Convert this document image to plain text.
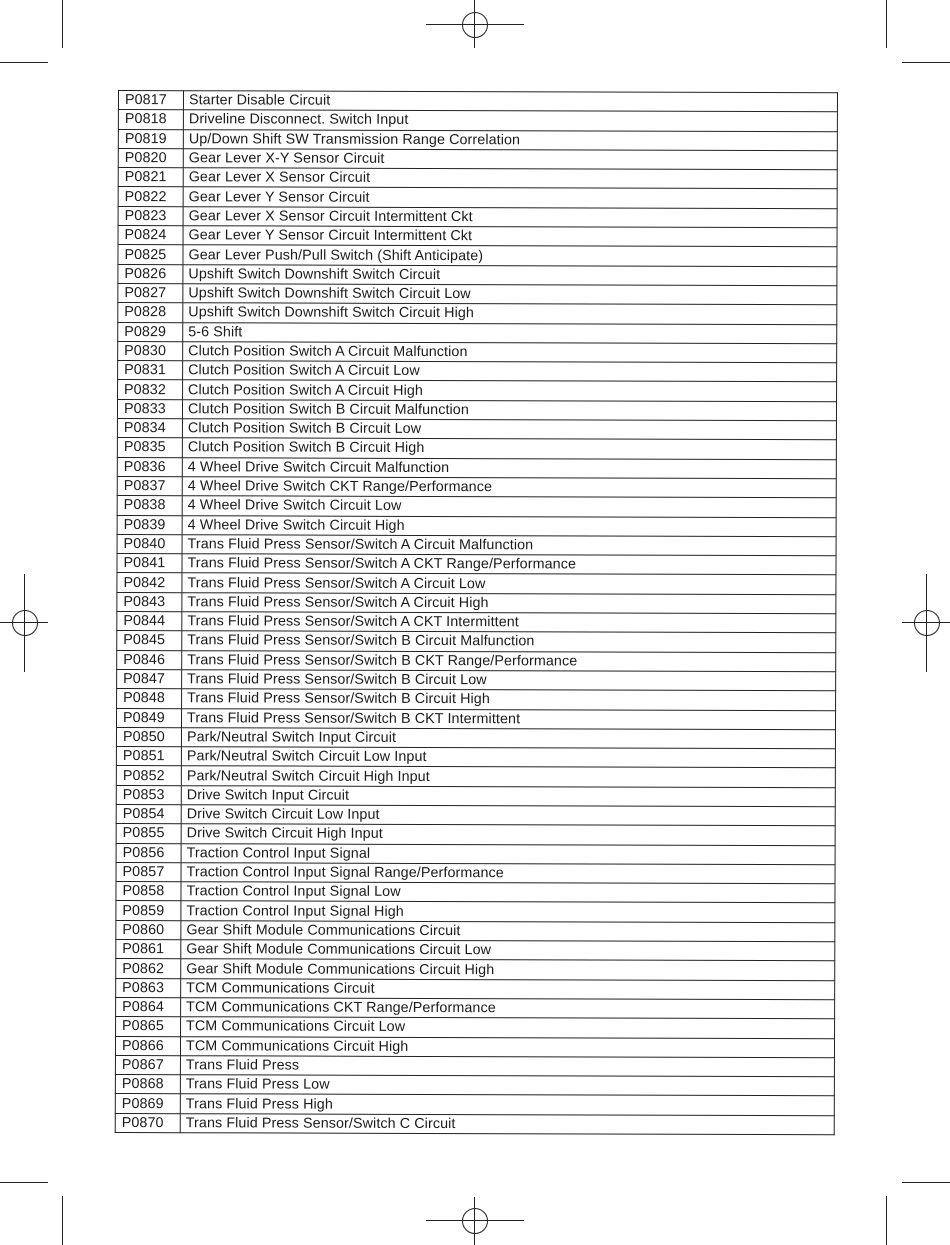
P0817	Starter Disable Circuit
P0818	Driveline Disconnect. Switch Input
P0819	Up/Down Shift SW Transmission Range Correlation
P0820	Gear Lever X-Y Sensor Circuit
P0821	Gear Lever X Sensor Circuit
P0822	Gear Lever Y Sensor Circuit
P0823	Gear Lever X Sensor Circuit Intermittent Ckt
P0824	Gear Lever Y Sensor Circuit Intermittent Ckt
P0825	Gear Lever Push/Pull Switch (Shift Anticipate)
P0826	Upshift Switch Downshift Switch Circuit
P0827	Upshift Switch Downshift Switch Circuit Low
P0828	Upshift Switch Downshift Switch Circuit High
P0829	5-6 Shift
P0830	Clutch Position Switch A Circuit Malfunction
P0831	Clutch Position Switch A Circuit Low
P0832	Clutch Position Switch A Circuit High
P0833	Clutch Position Switch B Circuit Malfunction
P0834	Clutch Position Switch B Circuit Low
P0835	Clutch Position Switch B Circuit High
P0836	4 Wheel Drive Switch Circuit Malfunction
P0837	4 Wheel Drive Switch CKT Range/Performance
P0838	4 Wheel Drive Switch Circuit Low
P0839	4 Wheel Drive Switch Circuit High
P0840	Trans Fluid Press Sensor/Switch A Circuit Malfunction
P0841	Trans Fluid Press Sensor/Switch A CKT Range/Performance
P0842	Trans Fluid Press Sensor/Switch A Circuit Low
P0843	Trans Fluid Press Sensor/Switch A Circuit High
P0844	Trans Fluid Press Sensor/Switch A CKT Intermittent
P0845	Trans Fluid Press Sensor/Switch B Circuit Malfunction
P0846	Trans Fluid Press Sensor/Switch B CKT Range/Performance
P0847	Trans Fluid Press Sensor/Switch B Circuit Low
P0848	Trans Fluid Press Sensor/Switch B Circuit High
P0849	Trans Fluid Press Sensor/Switch B CKT Intermittent
P0850	Park/Neutral Switch Input Circuit
P0851	Park/Neutral Switch Circuit Low Input
P0852	Park/Neutral Switch Circuit High Input
P0853	Drive Switch Input Circuit
P0854	Drive Switch Circuit Low Input
P0855	Drive Switch Circuit High Input
P0856	Traction Control Input Signal
P0857	Traction Control Input Signal Range/Performance
P0858	Traction Control Input Signal Low
P0859	Traction Control Input Signal High
P0860	Gear Shift Module Communications Circuit
P0861	Gear Shift Module Communications Circuit Low
P0862	Gear Shift Module Communications Circuit High
P0863	TCM Communications Circuit
P0864	TCM Communications CKT Range/Performance
P0865	TCM Communications Circuit Low
P0866	TCM Communications Circuit High
P0867	Trans Fluid Press
P0868	Trans Fluid Press Low
P0869	Trans Fluid Press High
P0870	Trans Fluid Press Sensor/Switch C Circuit
